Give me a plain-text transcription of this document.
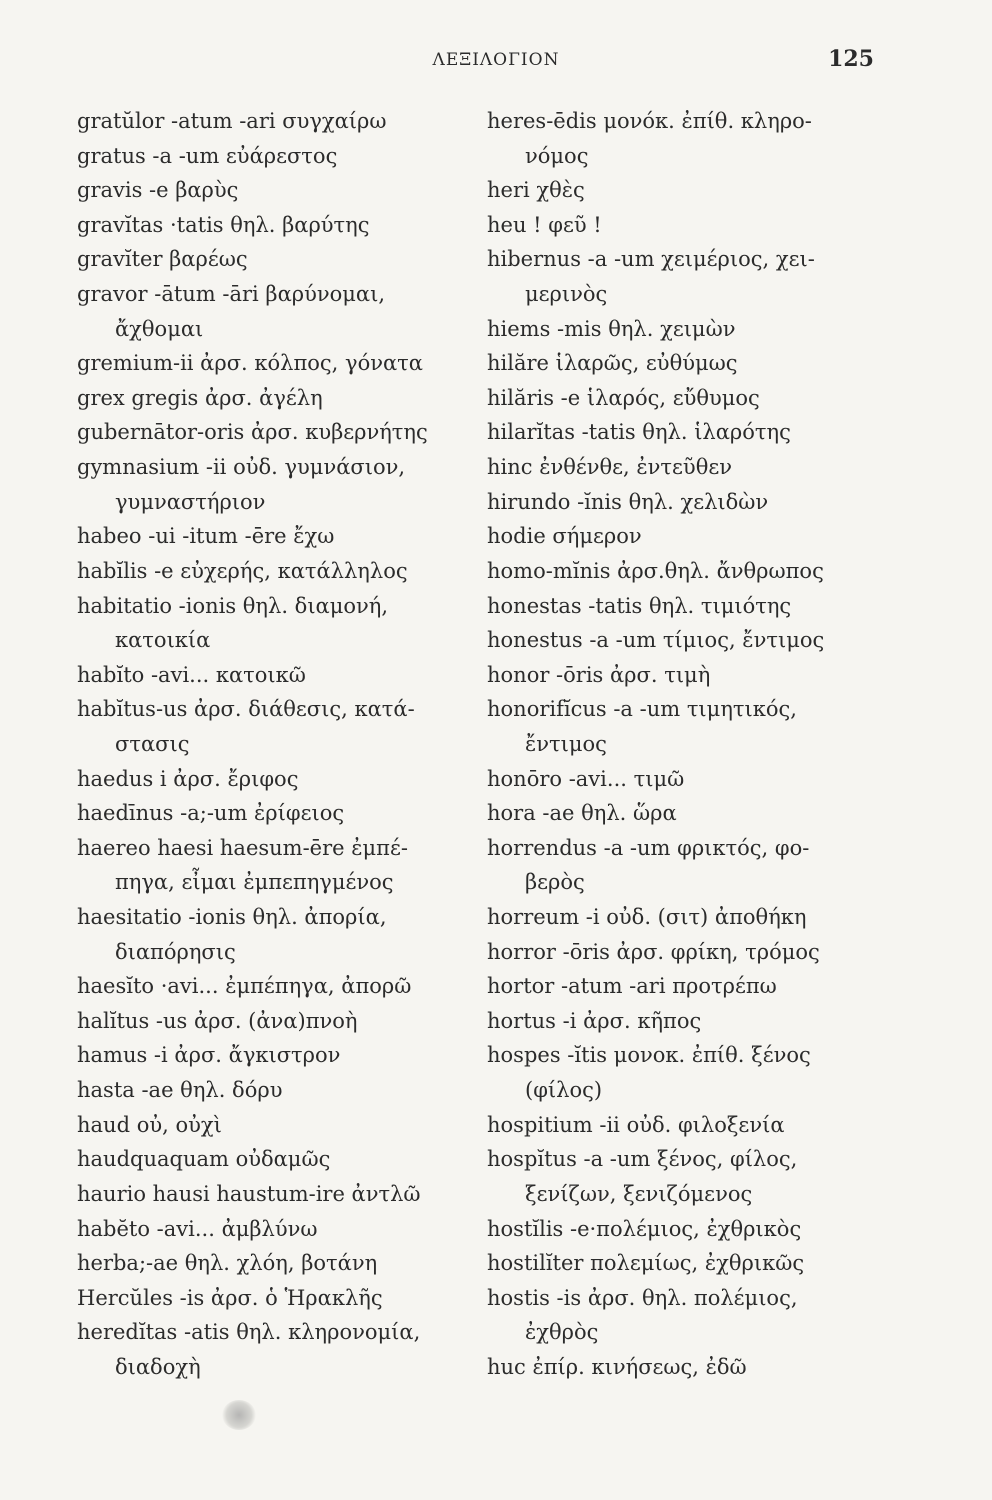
ΛΕΞΙΛΟΓΙΟΝ	125
gratŭlor -atum -ari συγχαίρω
gratus -a -um εὐάρεστος
gravis -e βαρὺς
gravĭtas ·tatis θηλ. βαρύτης
gravĭter βαρέως
gravor -ātum -āri βαρύνομαι,
ἄχθομαι
gremium-ii ἀρσ. κόλπος, γόνατα
grex gregis ἀρσ. ἀγέλη
gubernātor-oris ἀρσ. κυβερνήτης
gymnasium -ii οὐδ. γυμνάσιον,
γυμναστήριον
habeo -ui -itum -ēre ἔχω
habĭlis -e εὐχερής, κατάλληλος
habitatio -ionis θηλ. διαμονή,
κατοικία
habĭto -avi... κατοικῶ
habĭtus-us ἀρσ. διάθεσις, κατά-
στασις
haedus i ἀρσ. ἔριφος
haedīnus -a;-um ἐρίφειος
haereo haesi haesum-ēre ἐμπέ-
πηγα, εἶμαι ἐμπεπηγμένος
haesitatio -ionis θηλ. ἀπορία,
διαπόρησις
haesĭto ·avi... ἐμπέπηγα, ἀπορῶ
halĭtus -us ἀρσ. (ἀνα)πνοὴ
hamus -i ἀρσ. ἄγκιστρον
hasta -ae θηλ. δόρυ
haud οὐ, οὐχὶ
haudquaquam οὐδαμῶς
haurio hausi haustum-ire ἀντλῶ
habĕto -avi... ἀμβλύνω
herba;-ae θηλ. χλόη, βοτάνη
Hercŭles -is ἀρσ. ὁ Ἡρακλῆς
heredĭtas -atis θηλ. κληρονομία,
διαδοχὴ
heres-ēdis μονόκ. ἐπίθ. κληρο-
νόμος
heri χθὲς
heu ! φεῦ !
hibernus -a -um χειμέριος, χει-
μερινὸς
hiems -mis θηλ. χειμὼν
hilăre ἱλαρῶς, εὐθύμως
hilăris -e ἱλαρός, εὔθυμος
hilarĭtas -tatis θηλ. ἱλαρότης
hinc ἐνθένθε, ἐντεῦθεν
hirundo -ĭnis θηλ. χελιδὼν
hodie σήμερον
homo-mĭnis ἀρσ.θηλ. ἄνθρωπος
honestas -tatis θηλ. τιμιότης
honestus -a -um τίμιος, ἔντιμος
honor -ōris ἀρσ. τιμὴ
honorifĭcus -a -um τιμητικός,
ἔντιμος
honōro -avi... τιμῶ
hora -ae θηλ. ὥρα
horrendus -a -um φρικτός, φο-
βερὸς
horreum -i οὐδ. (σιτ) ἀποθήκη
horror -ōris ἀρσ. φρίκη, τρόμος
hortor -atum -ari προτρέπω
hortus -i ἀρσ. κῆπος
hospes -ĭtis μονοκ. ἐπίθ. ξένος
(φίλος)
hospitium -ii οὐδ. φιλοξενία
hospĭtus -a -um ξένος, φίλος,
ξενίζων, ξενιζόμενος
hostĭlis -e·πολέμιος, ἐχθρικὸς
hostilĭter πολεμίως, ἐχθρικῶς
hostis -is ἀρσ. θηλ. πολέμιος,
ἐχθρὸς
huc ἐπίρ. κινήσεως, ἐδῶ
